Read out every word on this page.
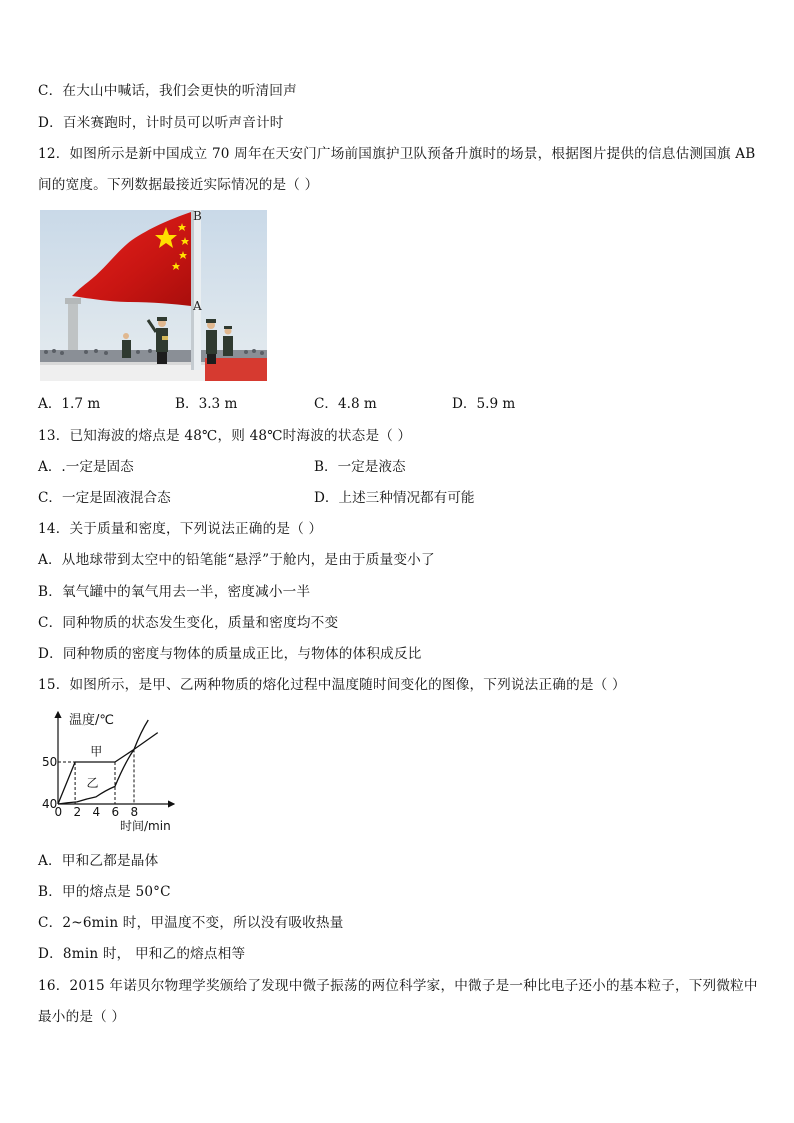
C．在大山中喊话，我们会更快的听清回声
D．百米赛跑时，计时员可以听声音计时
12．如图所示是新中国成立 70 周年在天安门广场前国旗护卫队预备升旗时的场景，根据图片提供的信息估测国旗 AB
间的宽度。下列数据最接近实际情况的是（ ）
B
A
A．1.7 m	B．3.3 m	C．4.8 m	D．5.9 m
13．已知海波的熔点是 48℃，则 48℃时海波的状态是（ ）
A．.一定是固态	B．一定是液态
C．一定是固液混合态	D．上述三种情况都有可能
14．关于质量和密度，下列说法正确的是（ ）
A．从地球带到太空中的铅笔能“悬浮”于舱内，是由于质量变小了
B．氧气罐中的氧气用去一半，密度减小一半
C．同种物质的状态发生变化，质量和密度均不变
D．同种物质的密度与物体的质量成正比，与物体的体积成反比
15．如图所示，是甲、乙两种物质的熔化过程中温度随时间变化的图像，下列说法正确的是（ ）
温度/℃
时间/min
0 2 4 6 8
40
50
甲
乙
A．甲和乙都是晶体
B．甲的熔点是 50°C
C．2~6min 时，甲温度不变，所以没有吸收热量
D．8min 时， 甲和乙的熔点相等
16．2015 年诺贝尔物理学奖颁给了发现中微子振荡的两位科学家，中微子是一种比电子还小的基本粒子，下列微粒中
最小的是（ ）
